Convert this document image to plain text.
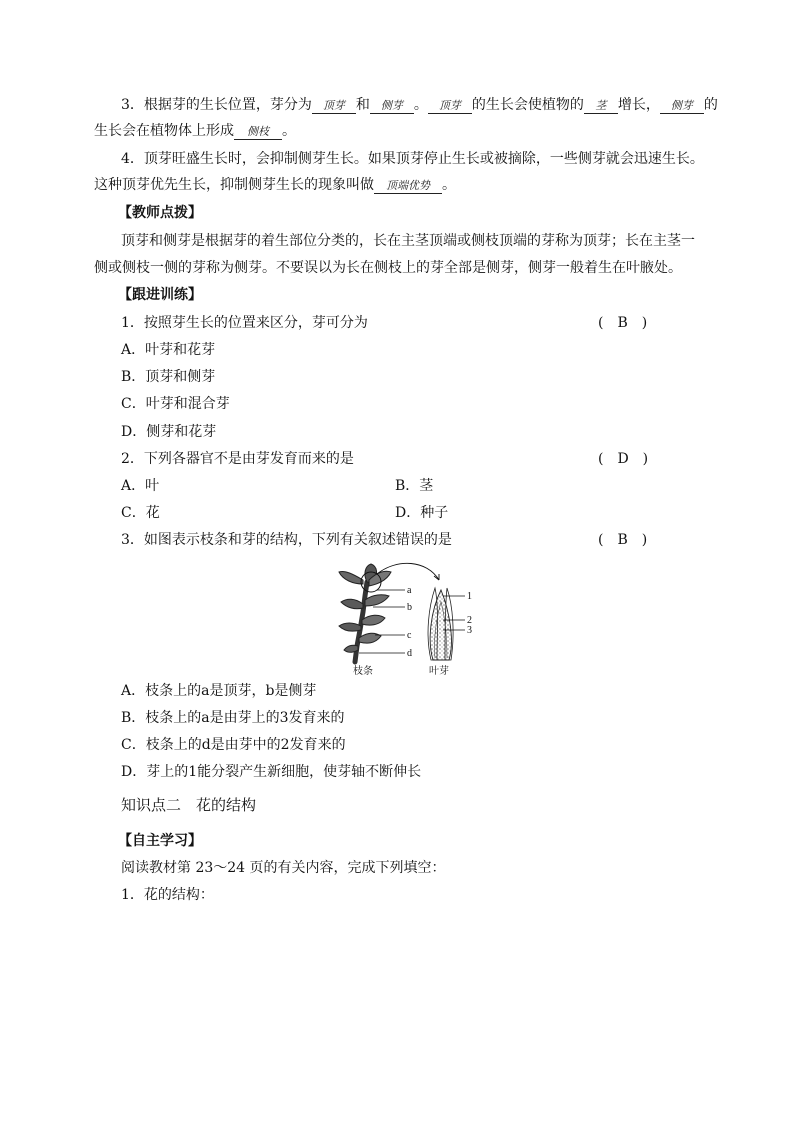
3．根据芽的生长位置，芽分为 顶芽 和 侧芽 。 顶芽 的生长会使植物的 茎 增长， 侧芽 的
生长会在植物体上形成 侧枝 。
4．顶芽旺盛生长时，会抑制侧芽生长。如果顶芽停止生长或被摘除，一些侧芽就会迅速生长。
这种顶芽优先生长，抑制侧芽生长的现象叫做 顶端优势 。
【教师点拨】
顶芽和侧芽是根据芽的着生部位分类的，长在主茎顶端或侧枝顶端的芽称为顶芽；长在主茎一
侧或侧枝一侧的芽称为侧芽。不要误以为长在侧枝上的芽全部是侧芽，侧芽一般着生在叶腋处。
【跟进训练】
1．按照芽生长的位置来区分，芽可分为	(　B　)
A．叶芽和花芽
B．顶芽和侧芽
C．叶芽和混合芽
D．侧芽和花芽
2．下列各器官不是由芽发育而来的是	(　D　)
A．叶	B．茎
C．花	D．种子
3．如图表示枝条和芽的结构，下列有关叙述错误的是	(　B　)
a
b
c
d
1
2
3
枝条	叶芽
A．枝条上的a是顶芽，b是侧芽
B．枝条上的a是由芽上的3发育来的
C．枝条上的d是由芽中的2发育来的
D．芽上的1能分裂产生新细胞，使芽轴不断伸长
知识点二　花的结构
【自主学习】
阅读教材第 23～24 页的有关内容，完成下列填空：
1．花的结构：
